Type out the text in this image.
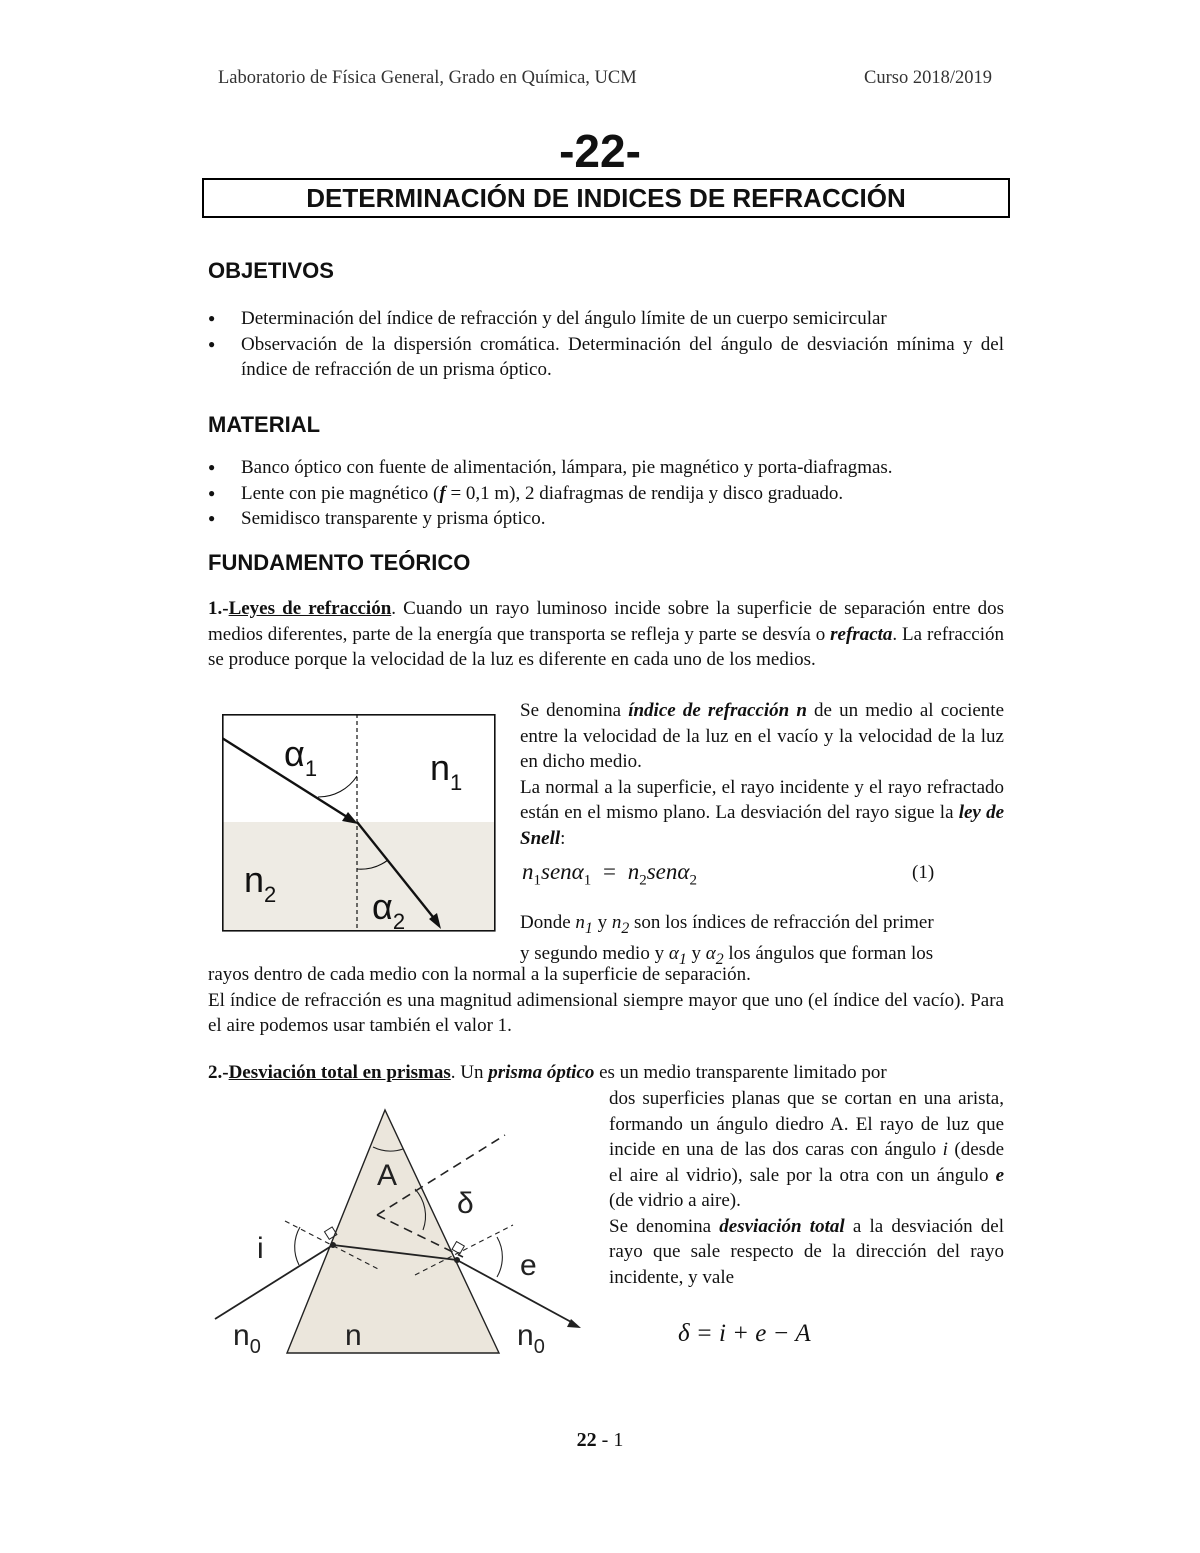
Laboratorio de Física General, Grado en Química, UCM	Curso 2018/2019
-22-
DETERMINACIÓN DE INDICES DE REFRACCIÓN
OBJETIVOS
● Determinación del índice de refracción y del ángulo límite de un cuerpo semicircular
● Observación de la dispersión cromática. Determinación del ángulo de desviación mínima y del índice de refracción de un prisma óptico.
MATERIAL
● Banco óptico con fuente de alimentación, lámpara, pie magnético y porta-diafragmas.
● Lente con pie magnético (f = 0,1 m), 2 diafragmas de rendija y disco graduado.
● Semidisco transparente y prisma óptico.
FUNDAMENTO TEÓRICO
1.-Leyes de refracción. Cuando un rayo luminoso incide sobre la superficie de separación entre dos medios diferentes, parte de la energía que transporta se refleja y parte se desvía o refracta. La refracción se produce porque la velocidad de la luz es diferente en cada uno de los medios.
$\alpha_1$	$n_1$
$n_2$	$\alpha_2$
Se denomina índice de refracción n de un medio al cociente entre la velocidad de la luz en el vacío y la velocidad de la luz en dicho medio.
La normal a la superficie, el rayo incidente y el rayo refractado están en el mismo plano. La desviación del rayo sigue la ley de Snell:
$n_1sen\alpha_1 = n_2sen\alpha_2$	(1)
Donde $n_1$ y $n_2$ son los índices de refracción del primer
y segundo medio y $\alpha_1$ y $\alpha_2$ los ángulos que forman los
rayos dentro de cada medio con la normal a la superficie de separación.
El índice de refracción es una magnitud adimensional siempre mayor que uno (el índice del vacío). Para el aire podemos usar también el valor 1.
2.-Desviación total en prismas. Un prisma óptico es un medio transparente limitado por
dos superficies planas que se cortan en una arista, formando un ángulo diedro A. El rayo de luz que incide en una de las dos caras con ángulo i (desde el aire al vidrio), sale por la otra con un ángulo e (de vidrio a aire).
Se denomina desviación total a la desviación del rayo que sale respecto de la dirección del rayo incidente, y vale
δ = i + e − A
A
δ
i
e
$n_0$	n	$n_0$
22 - 1
